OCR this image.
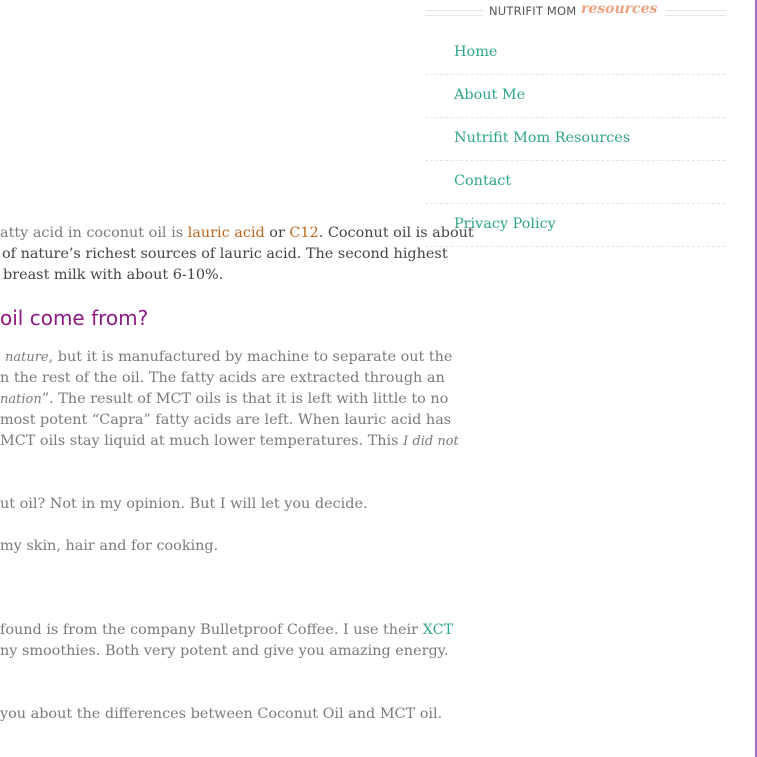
atty acid in coconut oil is lauric acid or C12. Coconut oil is about
of nature’s richest sources of lauric acid. The second highest
breast milk with about 6-10%.
oil come from?
nature, but it is manufactured by machine to separate out the
n the rest of the oil. The fatty acids are extracted through an
nation”. The result of MCT oils is that it is left with little to no
most potent “Capra” fatty acids are left. When lauric acid has
MCT oils stay liquid at much lower temperatures. This I did not
ut oil? Not in my opinion. But I will let you decide.
my skin, hair and for cooking.
found is from the company Bulletproof Coffee. I use their XCT
ny smoothies. Both very potent and give you amazing energy.
you about the differences between Coconut Oil and MCT oil.
NUTRIFIT MOM resources
Home
About Me
Nutrifit Mom Resources
Contact
Privacy Policy
